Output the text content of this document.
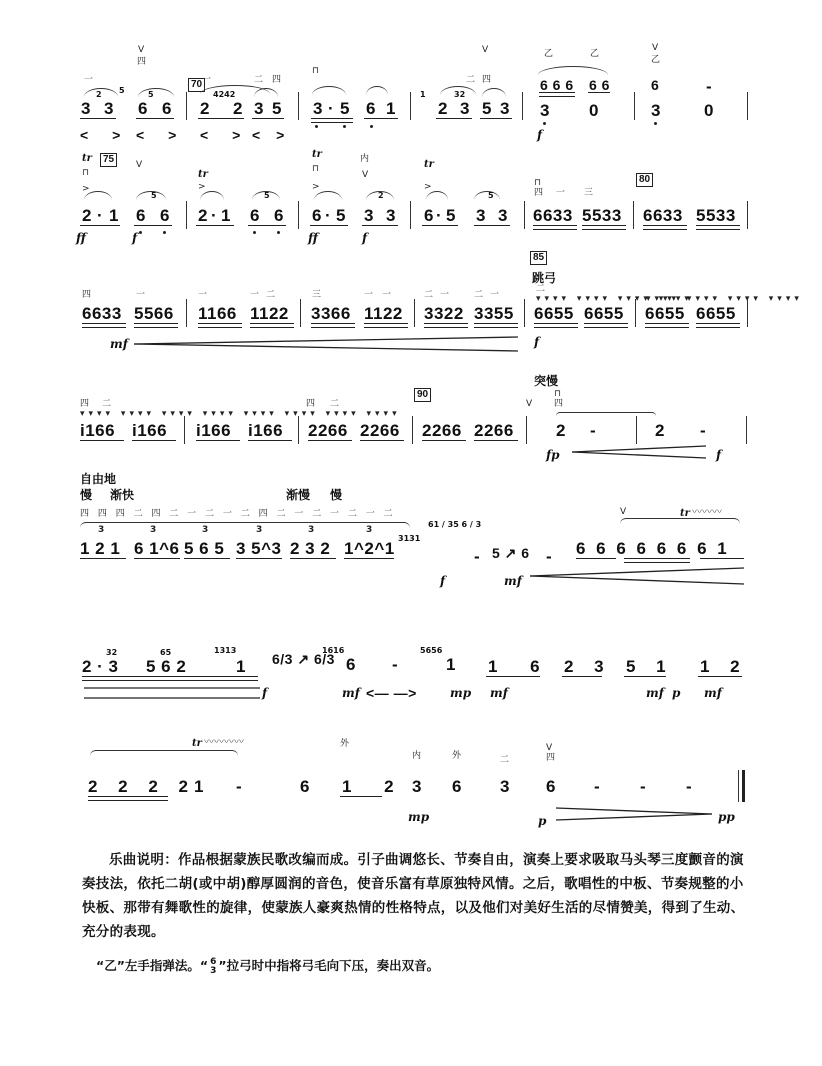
70
V	V
⊓
V
一
四
一	二 四	二 四
乙	乙
乙
2 5	5	4242	1	32
3 3 6 6 2 2 3 5 3 · 5 6 1 2 3 5 3
6 6 6 6 6
3 0
6	-
3	0
< > < > < > < >	f
75
tr
tr
tr
tr
内
V
V
⊓	⊓
>	>	>	>
5	5	2	5
2 · 1 6 6 2 · 1 6 6 6 · 5 3 3 6 · 5 3 3
⊓
四 一 三
6633 5533
80
6633 5533
ff	f	ff	f
四	一	一	一 二	三	一 一	二 一	二 一
6633 5566 1166 1122 3366 1122 3322 3355
85
跳弓
二
▾▾▾▾ ▾▾▾▾ ▾▾▾▾ ▾▾▾▾
6655 6655
▾▾▾▾ ▾▾▾▾ ▾▾▾▾ ▾▾▾▾
6655 6655
mf	f
四 二	四 二
▾▾▾▾ ▾▾▾▾ ▾▾▾▾ ▾▾▾▾ ▾▾▾▾ ▾▾▾▾ ▾▾▾▾ ▾▾▾▾
90
i166 i166 i166 i166 2266 2266 2266 2266
突慢
V
⊓
四
2 -	2 -
fp	f
自由地
慢 渐快	渐慢 慢
四 四 四 二 四 二 一 二 一 二 四 二 一 二 一 二 一 二
3	3	3	3	3	3
1 2 1 6 1^6 5 6 5 3 5^3 2 3 2 1^2^1
3131
61 / 35 6 / 3
- 5 ↗ 6 -
V	tr 〰〰〰
6 6 6 6 6 6 6 1
f	mf
2 · 3 5 6 2	1
32	65	1313
6/3 ↗ 6/3
1616
6 -
5656
1 1 6 2 3 5 1 1 2
f	mf <— —>	mp mf	mf p mf
tr 〰〰〰〰
2 2 2 2
1 -	6
外
1 2
内
3
外
6
二
3
V
四
6 - - -
mp	p	pp
乐曲说明：作品根据蒙族民歌改编而成。引子曲调悠长、节奏自由，演奏上要求吸取马头琴三度颤音的演奏技法，依托二胡(或中胡)醇厚圆润的音色，使音乐富有草原独特风情。之后，歌唱性的中板、节奏规整的小快板、那带有舞歌性的旋律，使蒙族人豪爽热情的性格特点，以及他们对美好生活的尽情赞美，得到了生动、充分的表现。
“乙”左手指弹法。“ 6
3 ”拉弓时中指将弓毛向下压，奏出双音。
